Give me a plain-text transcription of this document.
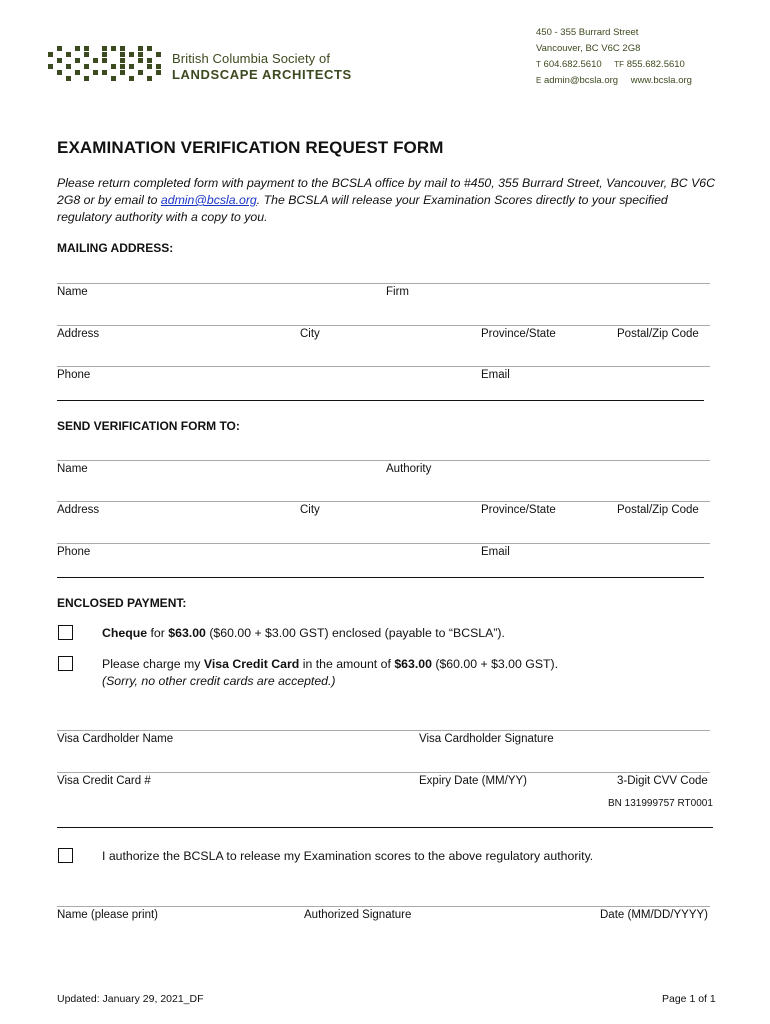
British Columbia Society of
LANDSCAPE ARCHITECTS
450 - 355 Burrard Street
Vancouver, BC V6C 2G8
T 604.682.5610 TF 855.682.5610
E admin@bcsla.org www.bcsla.org
EXAMINATION VERIFICATION REQUEST FORM
Please return completed form with payment to the BCSLA office by mail to #450, 355 Burrard Street, Vancouver, BC V6C 2G8 or by email to admin@bcsla.org. The BCSLA will release your Examination Scores directly to your specified regulatory authority with a copy to you.
MAILING ADDRESS:
Name	Firm
Address	City	Province/State	Postal/Zip Code
Phone	Email
SEND VERIFICATION FORM TO:
Name	Authority
Address	City	Province/State	Postal/Zip Code
Phone	Email
ENCLOSED PAYMENT:
Cheque for $63.00 ($60.00 + $3.00 GST) enclosed (payable to “BCSLA”).
Please charge my Visa Credit Card in the amount of $63.00 ($60.00 + $3.00 GST).
(Sorry, no other credit cards are accepted.)
Visa Cardholder Name	Visa Cardholder Signature
Visa Credit Card #	Expiry Date (MM/YY)	3-Digit CVV Code
BN 131999757 RT0001
I authorize the BCSLA to release my Examination scores to the above regulatory authority.
Name (please print)	Authorized Signature	Date (MM/DD/YYYY)
Updated: January 29, 2021_DF	Page 1 of 1
